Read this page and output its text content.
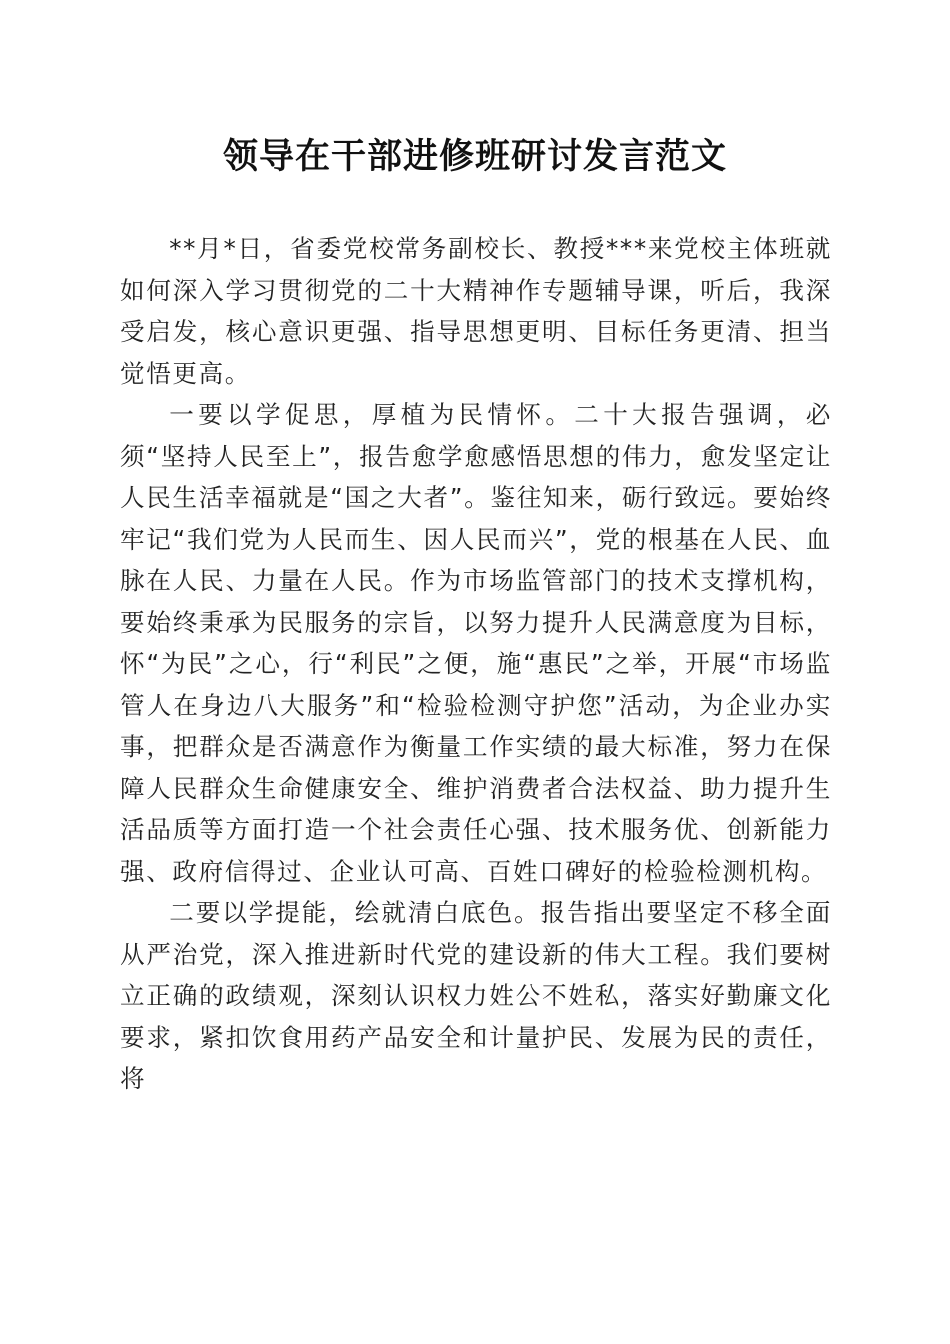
领导在干部进修班研讨发言范文

**月*日，省委党校常务副校长、教授***来党校主体班就如何深入学习贯彻党的二十大精神作专题辅导课，听后，我深受启发，核心意识更强、指导思想更明、目标任务更清、担当觉悟更高。

一要以学促思，厚植为民情怀。二十大报告强调，必须“坚持人民至上”，报告愈学愈感悟思想的伟力，愈发坚定让人民生活幸福就是“国之大者”。鉴往知来，砺行致远。要始终牢记“我们党为人民而生、因人民而兴”，党的根基在人民、血脉在人民、力量在人民。作为市场监管部门的技术支撑机构，要始终秉承为民服务的宗旨，以努力提升人民满意度为目标，怀“为民”之心，行“利民”之便，施“惠民”之举，开展“市场监管人在身边八大服务”和“检验检测守护您”活动，为企业办实事，把群众是否满意作为衡量工作实绩的最大标准，努力在保障人民群众生命健康安全、维护消费者合法权益、助力提升生活品质等方面打造一个社会责任心强、技术服务优、创新能力强、政府信得过、企业认可高、百姓口碑好的检验检测机构。

二要以学提能，绘就清白底色。报告指出要坚定不移全面从严治党，深入推进新时代党的建设新的伟大工程。我们要树立正确的政绩观，深刻认识权力姓公不姓私，落实好勤廉文化要求，紧扣饮食用药产品安全和计量护民、发展为民的责任，将
